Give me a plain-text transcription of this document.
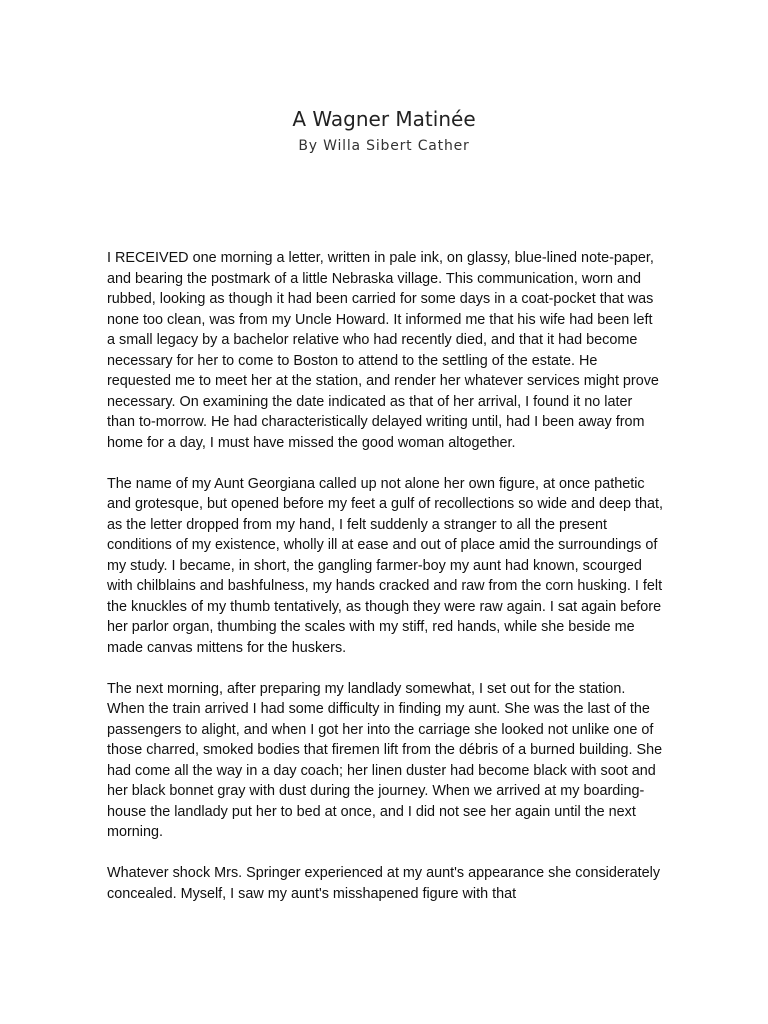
A Wagner Matinée
By Willa Sibert Cather

I RECEIVED one morning a letter, written in pale ink, on glassy, blue-lined note-paper, and bearing the postmark of a little Nebraska village. This communication, worn and rubbed, looking as though it had been carried for some days in a coat-pocket that was none too clean, was from my Uncle Howard. It informed me that his wife had been left a small legacy by a bachelor relative who had recently died, and that it had become necessary for her to come to Boston to attend to the settling of the estate. He requested me to meet her at the station, and render her whatever services might prove necessary. On examining the date indicated as that of her arrival, I found it no later than to-morrow. He had characteristically delayed writing until, had I been away from home for a day, I must have missed the good woman altogether.

The name of my Aunt Georgiana called up not alone her own figure, at once pathetic and grotesque, but opened before my feet a gulf of recollections so wide and deep that, as the letter dropped from my hand, I felt suddenly a stranger to all the present conditions of my existence, wholly ill at ease and out of place amid the surroundings of my study. I became, in short, the gangling farmer-boy my aunt had known, scourged with chilblains and bashfulness, my hands cracked and raw from the corn husking. I felt the knuckles of my thumb tentatively, as though they were raw again. I sat again before her parlor organ, thumbing the scales with my stiff, red hands, while she beside me made canvas mittens for the huskers.

The next morning, after preparing my landlady somewhat, I set out for the station. When the train arrived I had some difficulty in finding my aunt. She was the last of the passengers to alight, and when I got her into the carriage she looked not unlike one of those charred, smoked bodies that firemen lift from the débris of a burned building. She had come all the way in a day coach; her linen duster had become black with soot and her black bonnet gray with dust during the journey. When we arrived at my boarding-house the landlady put her to bed at once, and I did not see her again until the next morning.

Whatever shock Mrs. Springer experienced at my aunt's appearance she considerately concealed. Myself, I saw my aunt's misshapened figure with that
